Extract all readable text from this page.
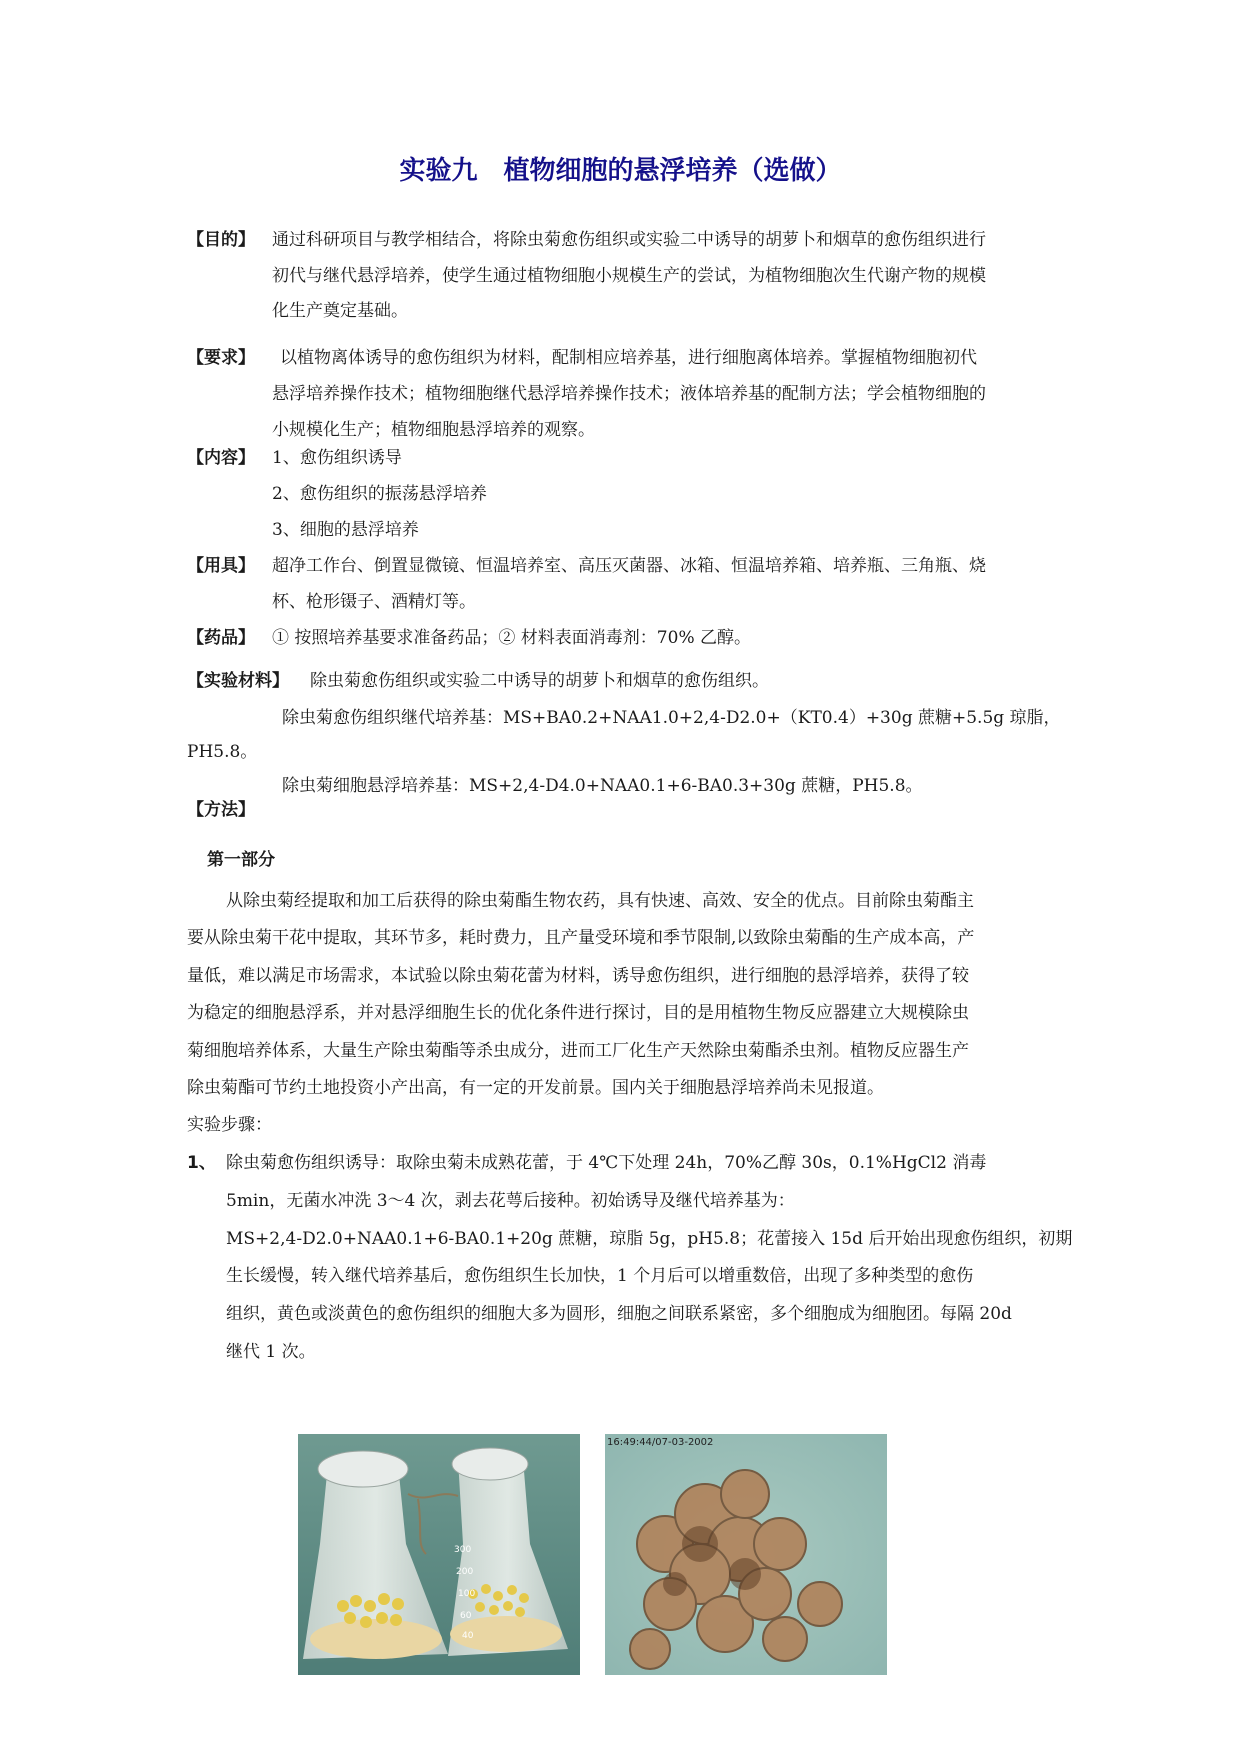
实验九　植物细胞的悬浮培养（选做）
【目的】 通过科研项目与教学相结合，将除虫菊愈伤组织或实验二中诱导的胡萝卜和烟草的愈伤组织进行
初代与继代悬浮培养，使学生通过植物细胞小规模生产的尝试，为植物细胞次生代谢产物的规模
化生产奠定基础。
【要求】 以植物离体诱导的愈伤组织为材料，配制相应培养基，进行细胞离体培养。掌握植物细胞初代
悬浮培养操作技术；植物细胞继代悬浮培养操作技术；液体培养基的配制方法；学会植物细胞的
小规模化生产；植物细胞悬浮培养的观察。
【内容】 1、愈伤组织诱导
2、愈伤组织的振荡悬浮培养
3、细胞的悬浮培养
【用具】 超净工作台、倒置显微镜、恒温培养室、高压灭菌器、冰箱、恒温培养箱、培养瓶、三角瓶、烧
杯、枪形镊子、酒精灯等。
【药品】 ① 按照培养基要求准备药品；② 材料表面消毒剂：70% 乙醇。
【实验材料】 除虫菊愈伤组织或实验二中诱导的胡萝卜和烟草的愈伤组织。
除虫菊愈伤组织继代培养基：MS+BA0.2+NAA1.0+2,4-D2.0+（KT0.4）+30g 蔗糖+5.5g 琼脂，
PH5.8。
除虫菊细胞悬浮培养基：MS+2,4-D4.0+NAA0.1+6-BA0.3+30g 蔗糖，PH5.8。
【方法】
第一部分
从除虫菊经提取和加工后获得的除虫菊酯生物农药，具有快速、高效、安全的优点。目前除虫菊酯主
要从除虫菊干花中提取，其环节多，耗时费力，且产量受环境和季节限制,以致除虫菊酯的生产成本高，产
量低，难以满足市场需求，本试验以除虫菊花蕾为材料，诱导愈伤组织，进行细胞的悬浮培养，获得了较
为稳定的细胞悬浮系，并对悬浮细胞生长的优化条件进行探讨，目的是用植物生物反应器建立大规模除虫
菊细胞培养体系，大量生产除虫菊酯等杀虫成分，进而工厂化生产天然除虫菊酯杀虫剂。植物反应器生产
除虫菊酯可节约土地投资小产出高，有一定的开发前景。国内关于细胞悬浮培养尚未见报道。
实验步骤：
1、 除虫菊愈伤组织诱导：取除虫菊未成熟花蕾，于 4℃下处理 24h，70%乙醇 30s，0.1%HgCl2 消毒
5min，无菌水冲洗 3～4 次，剥去花萼后接种。初始诱导及继代培养基为：
MS+2,4-D2.0+NAA0.1+6-BA0.1+20g 蔗糖，琼脂 5g，pH5.8；花蕾接入 15d 后开始出现愈伤组织，初期
生长缓慢，转入继代培养基后，愈伤组织生长加快，1 个月后可以增重数倍，出现了多种类型的愈伤
组织，黄色或淡黄色的愈伤组织的细胞大多为圆形，细胞之间联系紧密，多个细胞成为细胞团。每隔 20d
继代 1 次。
300
200
100
60
40
16:49:44/07-03-2002
